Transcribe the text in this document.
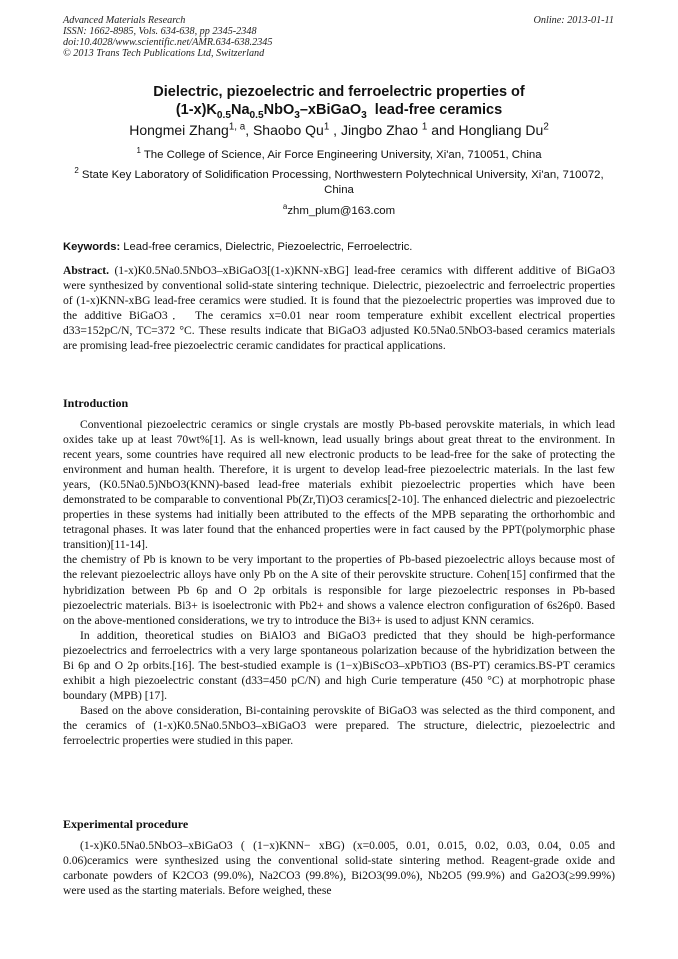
Advanced Materials Research
ISSN: 1662-8985, Vols. 634-638, pp 2345-2348
doi:10.4028/www.scientific.net/AMR.634-638.2345
© 2013 Trans Tech Publications Ltd, Switzerland
Online: 2013-01-11
Dielectric, piezoelectric and ferroelectric properties of
$(1-x)K_{0.5}Na_{0.5}NbO_3-xBiGaO_3$  lead-free ceramics
Hongmei Zhang$^{1, a}$, Shaobo Qu$^1$ , Jingbo Zhao $^1$ and Hongliang Du$^2$
$^1$ The College of Science, Air Force Engineering University, Xi'an, 710051, China
$^2$ State Key Laboratory of Solidification Processing, Northwestern Polytechnical University, Xi'an, 710072, China
$^a$zhm_plum@163.com
Keywords: Lead-free ceramics, Dielectric, Piezoelectric, Ferroelectric.
Abstract. (1-x)K0.5Na0.5NbO3–xBiGaO3[(1-x)KNN-xBG] lead-free ceramics with different additive of BiGaO3 were synthesized by conventional solid-state sintering technique. Dielectric, piezoelectric and ferroelectric properties of (1-x)KNN-xBG lead-free ceramics were studied. It is found that the piezoelectric properties was improved due to the additive BiGaO3． The ceramics x=0.01 near room temperature exhibit excellent electrical properties d33=152pC/N, TC=372 °C. These results indicate that BiGaO3 adjusted K0.5Na0.5NbO3-based ceramics materials are promising lead-free piezoelectric ceramic candidates for practical applications.
Introduction

Conventional piezoelectric ceramics or single crystals are mostly Pb-based perovskite materials, in which lead oxides take up at least 70wt%[1]. As is well-known, lead usually brings about great threat to the environment. In recent years, some countries have required all new electronic products to be lead-free for the sake of protecting the environment and human health. Therefore, it is urgent to develop lead-free piezoelectric materials. In the last few years, (K0.5Na0.5)NbO3(KNN)-based lead-free materials exhibit piezoelectric properties which have been demonstrated to be comparable to conventional Pb(Zr,Ti)O3 ceramics[2-10]. The enhanced dielectric and piezoelectric properties in these systems had initially been attributed to the effects of the MPB separating the orthorhombic and tetragonal phases. It was later found that the enhanced properties were in fact caused by the PPT(polymorphic phase transition)[11-14].

the chemistry of Pb is known to be very important to the properties of Pb-based piezoelectric alloys because most of the relevant piezoelectric alloys have only Pb on the A site of their perovskite structure. Cohen[15] confirmed that the hybridization between Pb 6p and O 2p orbitals is responsible for large piezoelectric responses in Pb-based piezoelectric materials. Bi3+ is isoelectronic with Pb2+ and shows a valence electron configuration of 6s26p0. Based on the above-mentioned considerations, we try to introduce the Bi3+ is used to adjust KNN ceramics.

In addition, theoretical studies on BiAlO3 and BiGaO3 predicted that they should be high-performance piezoelectrics and ferroelectrics with a very large spontaneous polarization because of the hybridization between the Bi 6p and O 2p orbits.[16]. The best-studied example is (1−x)BiScO3–xPbTiO3 (BS-PT) ceramics.BS-PT ceramics exhibit a high piezoelectric constant (d33=450 pC/N) and high Curie temperature (450 °C) at morphotropic phase boundary (MPB) [17].

Based on the above consideration, Bi-containing perovskite of BiGaO3 was selected as the third component, and the ceramics of (1-x)K0.5Na0.5NbO3–xBiGaO3 were prepared. The structure, dielectric, piezoelectric and ferroelectric properties were studied in this paper.

Experimental procedure

(1-x)K0.5Na0.5NbO3–xBiGaO3 ( (1−x)KNN− xBG) (x=0.005, 0.01, 0.015, 0.02, 0.03, 0.04, 0.05 and 0.06)ceramics were synthesized using the conventional solid-state sintering method. Reagent-grade oxide and carbonate powders of K2CO3 (99.0%), Na2CO3 (99.8%), Bi2O3(99.0%), Nb2O5 (99.9%) and Ga2O3(≥99.99%) were used as the starting materials. Before weighed, these
